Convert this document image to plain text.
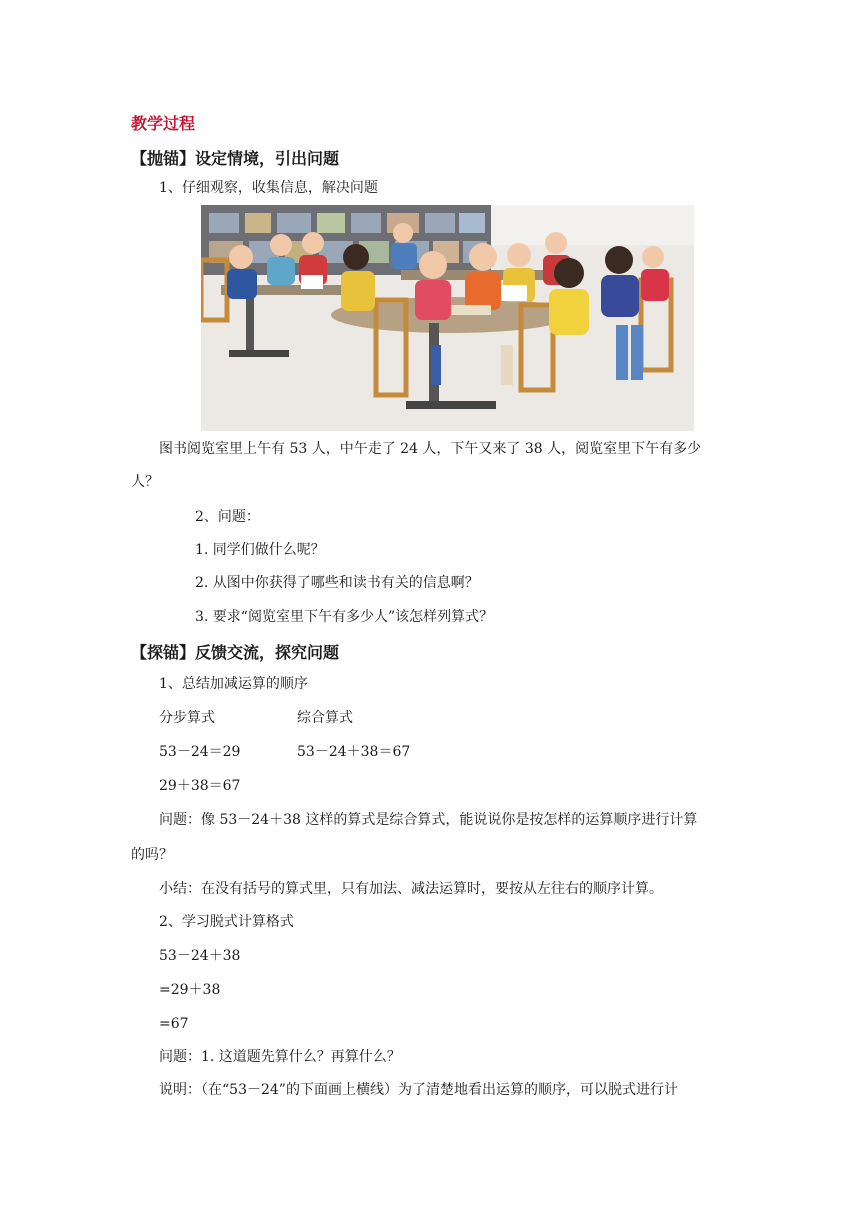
教学过程
【抛锚】设定情境，引出问题
1、仔细观察，收集信息，解决问题
图书阅览室里上午有 53 人，中午走了 24 人，下午又来了 38 人，阅览室里下午有多少
人？
2、问题：
1. 同学们做什么呢？
2. 从图中你获得了哪些和读书有关的信息啊？
3. 要求“阅览室里下午有多少人”该怎样列算式？
【探锚】反馈交流，探究问题
1、总结加减运算的顺序
分步算式	综合算式
53－24＝29	53－24＋38＝67
29＋38＝67
问题：像 53－24＋38 这样的算式是综合算式，能说说你是按怎样的运算顺序进行计算
的吗？
小结：在没有括号的算式里，只有加法、减法运算时，要按从左往右的顺序计算。
2、学习脱式计算格式
53－24＋38
=29＋38
=67
问题：1. 这道题先算什么？再算什么？
说明：（在“53－24”的下面画上横线）为了清楚地看出运算的顺序，可以脱式进行计
